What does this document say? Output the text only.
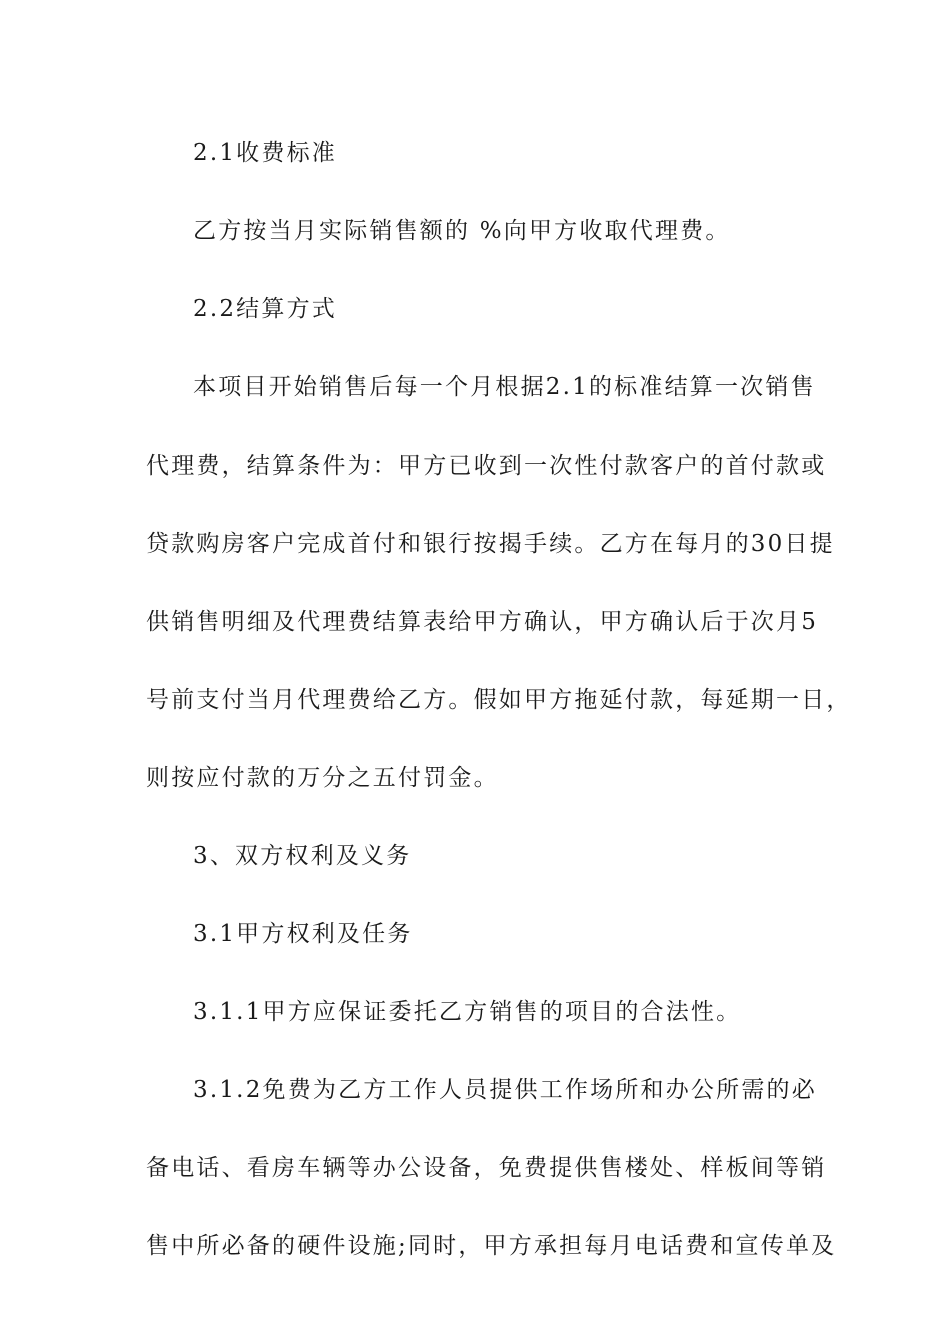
2.1收费标准
乙方按当月实际销售额的 %向甲方收取代理费。
2.2结算方式
本项目开始销售后每一个月根据2.1的标准结算一次销售
代理费，结算条件为：甲方已收到一次性付款客户的首付款或
贷款购房客户完成首付和银行按揭手续。乙方在每月的30日提
供销售明细及代理费结算表给甲方确认，甲方确认后于次月5
号前支付当月代理费给乙方。假如甲方拖延付款，每延期一日，
则按应付款的万分之五付罚金。
3、双方权利及义务
3.1甲方权利及任务
3.1.1甲方应保证委托乙方销售的项目的合法性。
3.1.2免费为乙方工作人员提供工作场所和办公所需的必
备电话、看房车辆等办公设备，免费提供售楼处、样板间等销
售中所必备的硬件设施;同时，甲方承担每月电话费和宣传单及
